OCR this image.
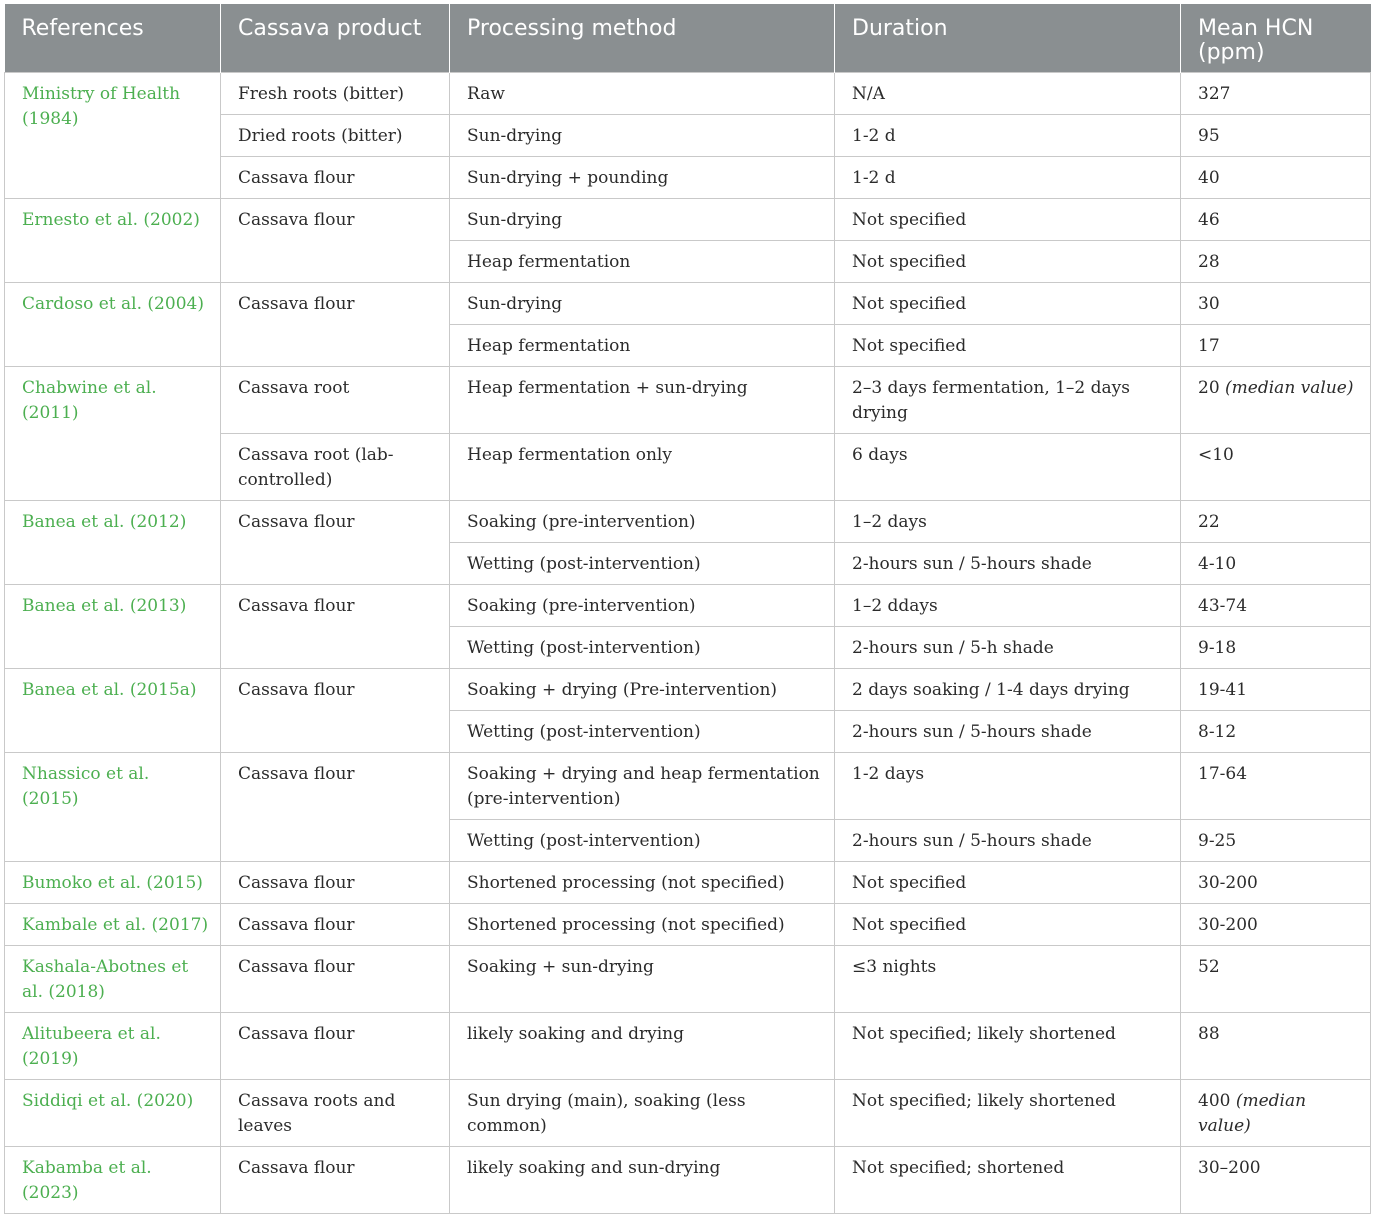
References	Cassava product	Processing method	Duration	Mean HCN (ppm)
Ministry of Health (1984)	Fresh roots (bitter)	Raw	N/A	327
	Dried roots (bitter)	Sun-drying	1-2 d	95
	Cassava flour	Sun-drying + pounding	1-2 d	40
Ernesto et al. (2002)	Cassava flour	Sun-drying	Not specified	46
		Heap fermentation	Not specified	28
Cardoso et al. (2004)	Cassava flour	Sun-drying	Not specified	30
		Heap fermentation	Not specified	17
Chabwine et al. (2011)	Cassava root	Heap fermentation + sun-drying	2–3 days fermentation, 1–2 days drying	20 (median value)
	Cassava root (lab-controlled)	Heap fermentation only	6 days	<10
Banea et al. (2012)	Cassava flour	Soaking (pre-intervention)	1–2 days	22
		Wetting (post-intervention)	2-hours sun / 5-hours shade	4-10
Banea et al. (2013)	Cassava flour	Soaking (pre-intervention)	1–2 ddays	43-74
		Wetting (post-intervention)	2-hours sun / 5-h shade	9-18
Banea et al. (2015a)	Cassava flour	Soaking + drying (Pre-intervention)	2 days soaking / 1-4 days drying	19-41
		Wetting (post-intervention)	2-hours sun / 5-hours shade	8-12
Nhassico et al. (2015)	Cassava flour	Soaking + drying and heap fermentation (pre-intervention)	1-2 days	17-64
		Wetting (post-intervention)	2-hours sun / 5-hours shade	9-25
Bumoko et al. (2015)	Cassava flour	Shortened processing (not specified)	Not specified	30-200
Kambale et al. (2017)	Cassava flour	Shortened processing (not specified)	Not specified	30-200
Kashala-Abotnes et al. (2018)	Cassava flour	Soaking + sun-drying	≤3 nights	52
Alitubeera et al. (2019)	Cassava flour	likely soaking and drying	Not specified; likely shortened	88
Siddiqi et al. (2020)	Cassava roots and leaves	Sun drying (main), soaking (less common)	Not specified; likely shortened	400 (median value)
Kabamba et al. (2023)	Cassava flour	likely soaking and sun-drying	Not specified; shortened	30–200
